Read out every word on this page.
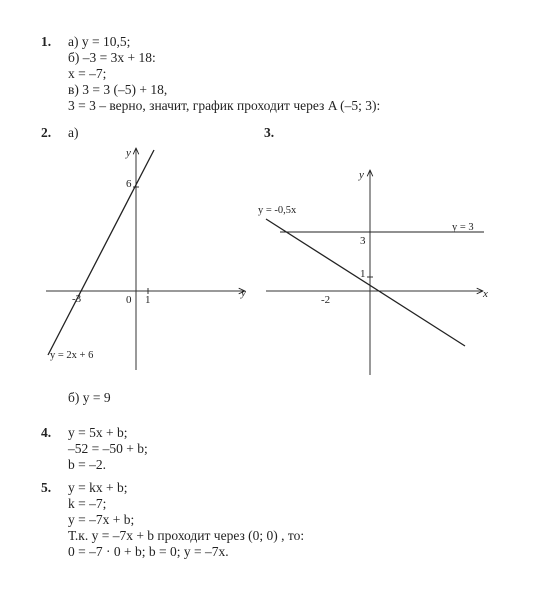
1. а) y = 10,5;
б) –3 = 3x + 18:
x = –7;
в) 3 = 3 (–5) + 18,
3 = 3 – верно, значит, график проходит через A (–5; 3):
2. а)	3.
y
y
6
-3	0 1
y = 2x + 6
y
x
3
1
-2
y = -0,5x
y = 3
б) y = 9
4. y = 5x + b;
–52 = –50 + b;
b = –2.
5. y = kx + b;
k = –7;
y = –7x + b;
Т.к. y = –7x + b проходит через (0; 0) , то:
0 = –7 · 0 + b; b = 0; y = –7x.
